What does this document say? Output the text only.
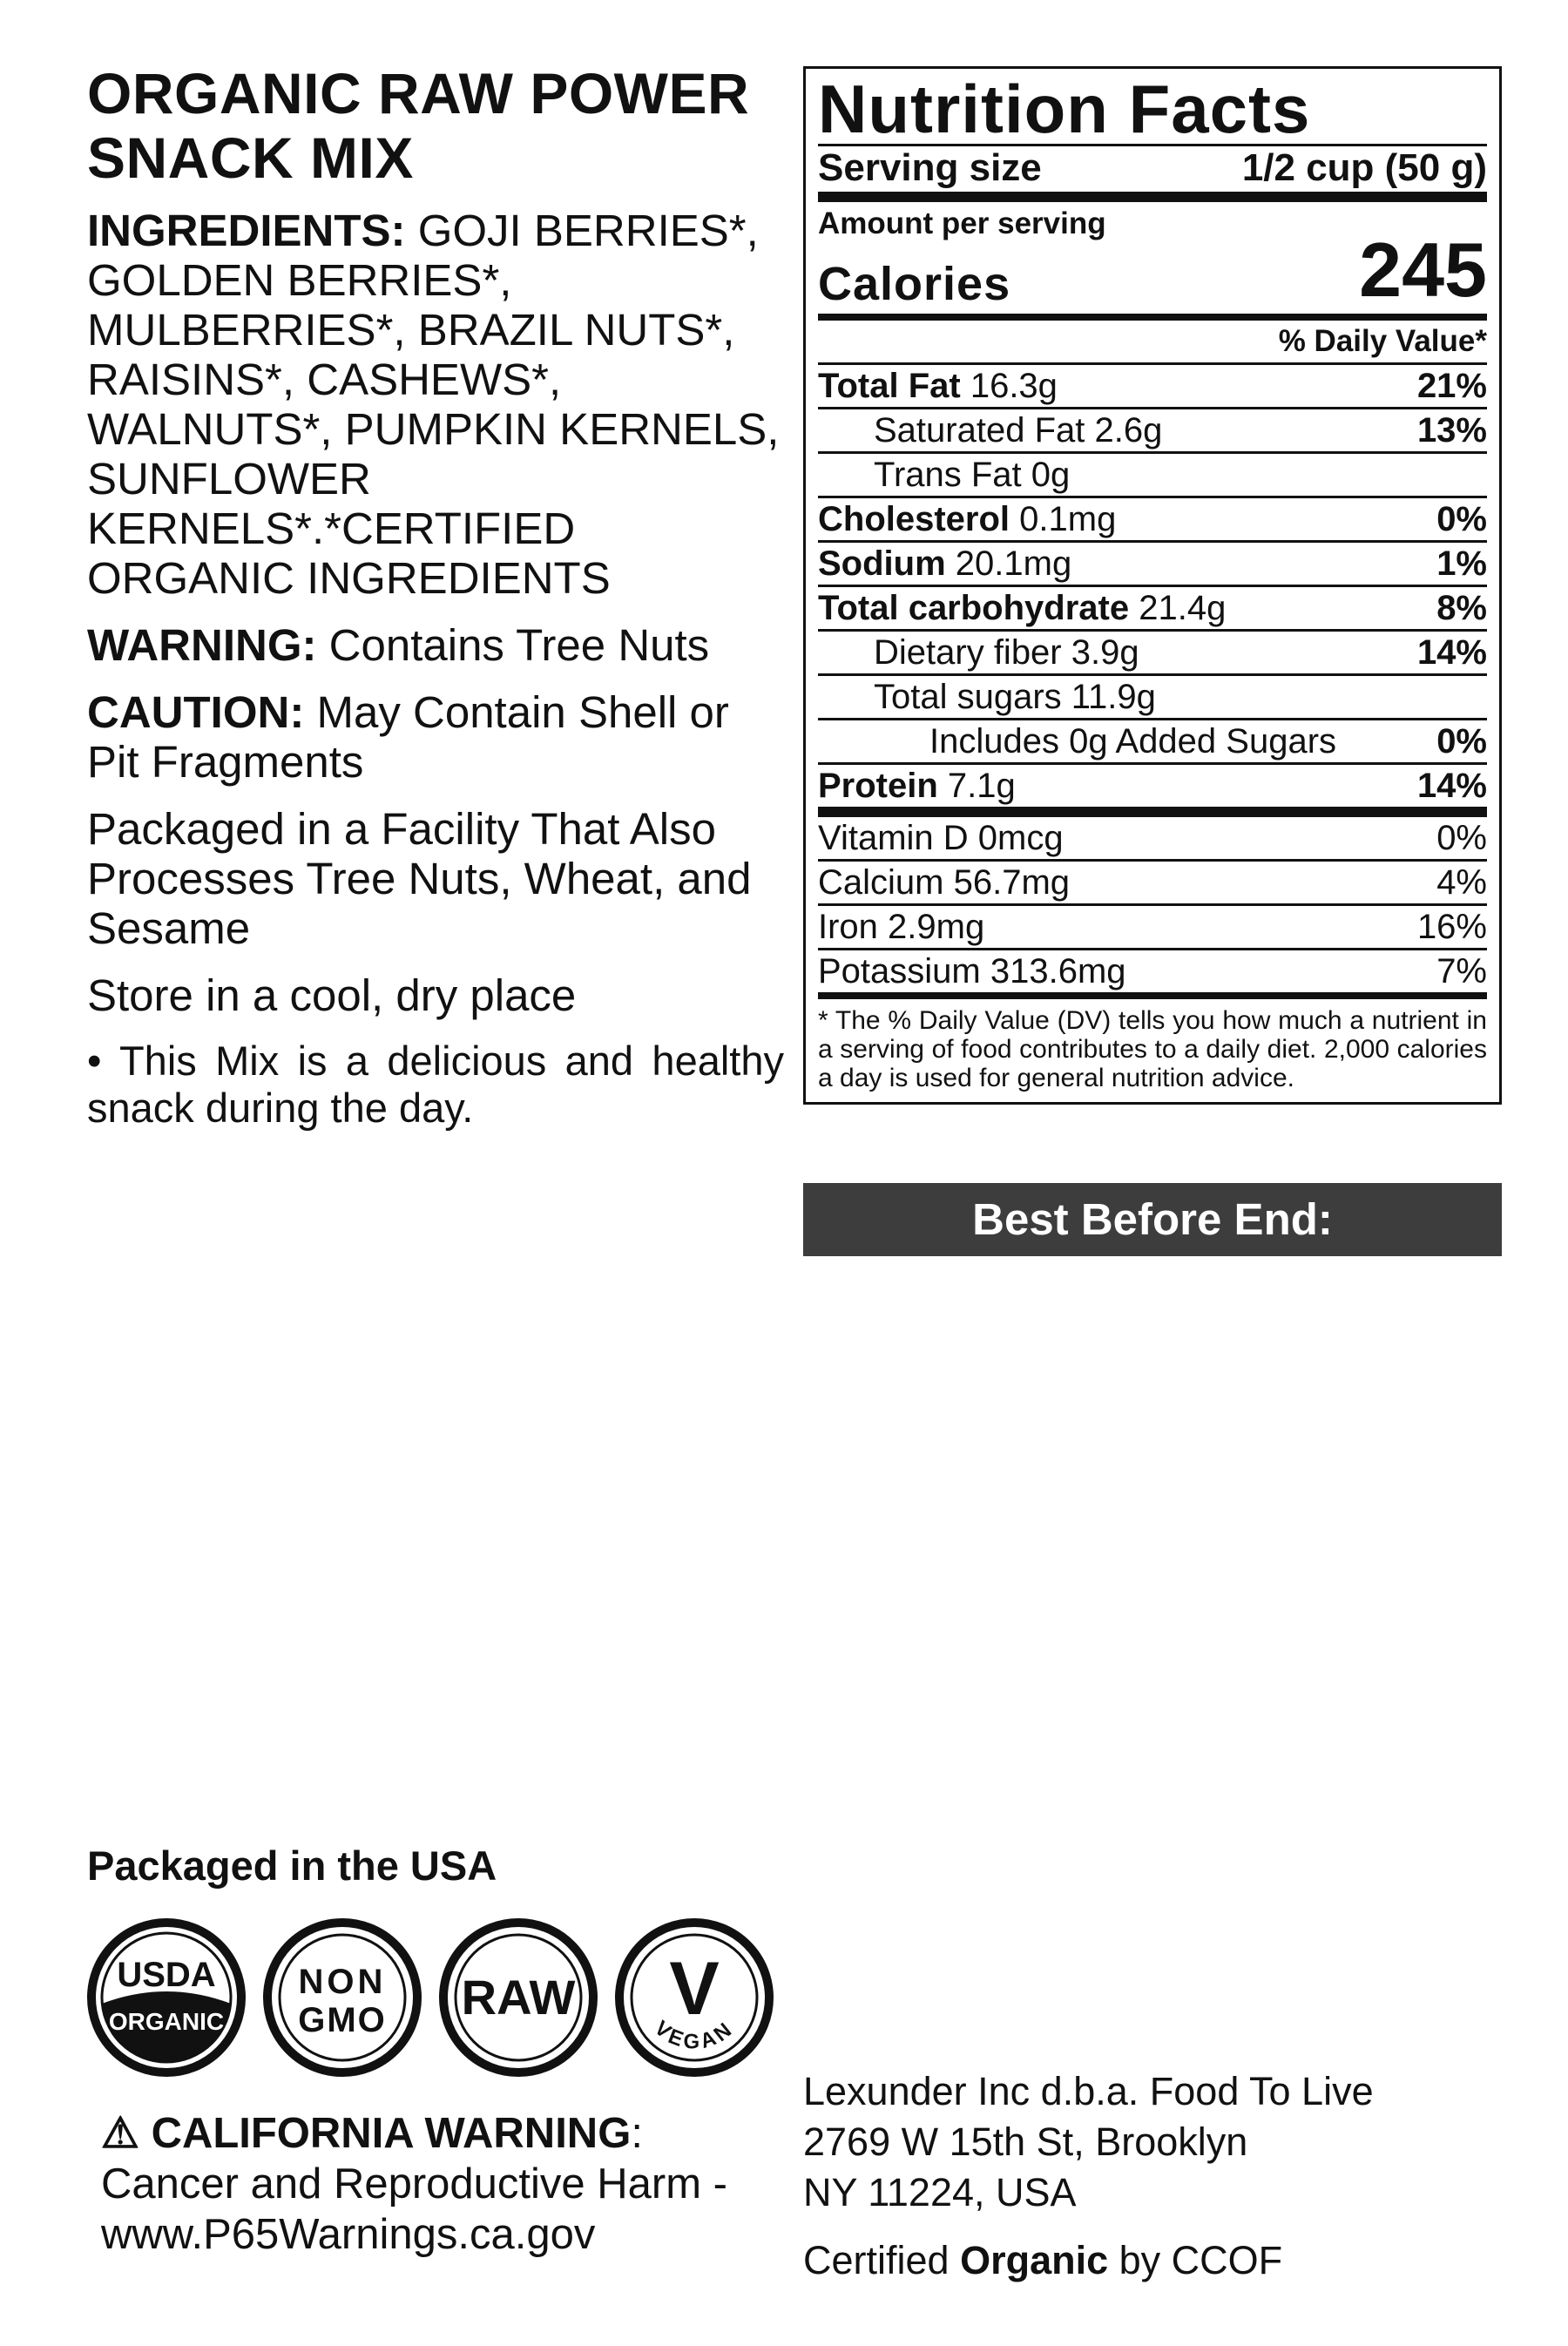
ORGANIC RAW POWER
SNACK MIX

INGREDIENTS: GOJI BERRIES*, GOLDEN BERRIES*, MULBERRIES*, BRAZIL NUTS*, RAISINS*, CASHEWS*, WALNUTS*, PUMPKIN KERNELS, SUNFLOWER KERNELS*.*CERTIFIED ORGANIC INGREDIENTS

WARNING: Contains Tree Nuts

CAUTION: May Contain Shell or Pit Fragments

Packaged in a Facility That Also Processes Tree Nuts, Wheat, and Sesame

Store in a cool, dry place

• This Mix is a delicious and healthy snack during the day.

Nutrition Facts
Serving size	1/2 cup (50 g)
Amount per serving
Calories	245
% Daily Value*
Total Fat 16.3g	21%
Saturated Fat 2.6g	13%
Trans Fat 0g
Cholesterol 0.1mg	0%
Sodium 20.1mg	1%
Total carbohydrate 21.4g	8%
Dietary fiber 3.9g	14%
Total sugars 11.9g
Includes 0g Added Sugars	0%
Protein 7.1g	14%
Vitamin D 0mcg	0%
Calcium 56.7mg	4%
Iron 2.9mg	16%
Potassium 313.6mg	7%
* The % Daily Value (DV) tells you how much a nutrient in a serving of food contributes to a daily diet. 2,000 calories a day is used for general nutrition advice.
Best Before End:
Packaged in the USA
USDA
ORGANIC
NON
GMO RAW V
VEGAN
⚠ CALIFORNIA WARNING:
Cancer and Reproductive Harm -
www.P65Warnings.ca.gov
Lexunder Inc d.b.a. Food To Live
2769 W 15th St, Brooklyn
NY 11224, USA
Certified Organic by CCOF
